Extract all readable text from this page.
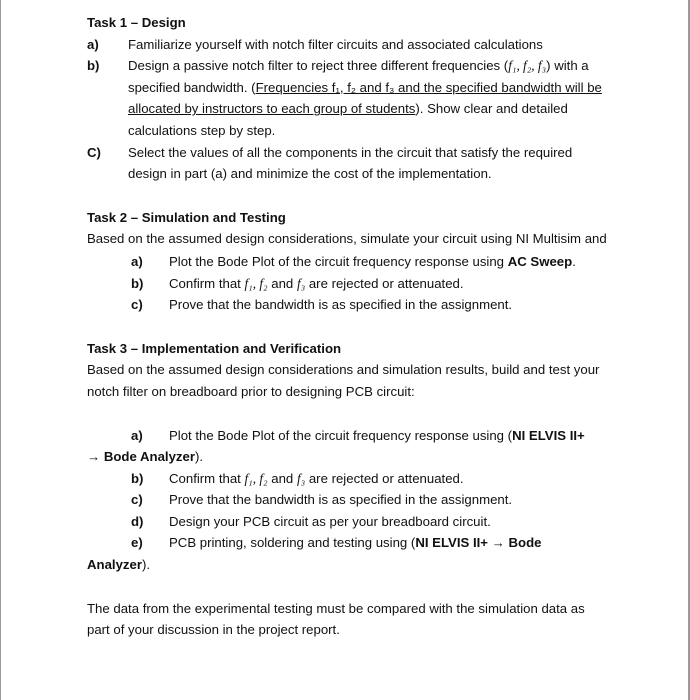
Task 1 – Design
a)	Familiarize yourself with notch filter circuits and associated calculations
b)	Design a passive notch filter to reject three different frequencies (f₁, f₂, f₃) with a specified bandwidth. (Frequencies f₁, f₂ and f₃ and the specified bandwidth will be allocated by instructors to each group of students). Show clear and detailed calculations step by step.
C)	Select the values of all the components in the circuit that satisfy the required design in part (a) and minimize the cost of the implementation.
Task 2 – Simulation and Testing
Based on the assumed design considerations, simulate your circuit using NI Multisim and
a)	Plot the Bode Plot of the circuit frequency response using AC Sweep.
b)	Confirm that f₁, f₂ and f₃ are rejected or attenuated.
c)	Prove that the bandwidth is as specified in the assignment.
Task 3 – Implementation and Verification
Based on the assumed design considerations and simulation results, build and test your notch filter on breadboard prior to designing PCB circuit:
a)	Plot the Bode Plot of the circuit frequency response using (NI ELVIS II+
→ Bode Analyzer).
b)	Confirm that f₁, f₂ and f₃ are rejected or attenuated.
c)	Prove that the bandwidth is as specified in the assignment.
d)	Design your PCB circuit as per your breadboard circuit.
e)	PCB printing, soldering and testing using (NI ELVIS II+ → Bode
Analyzer).
The data from the experimental testing must be compared with the simulation data as part of your discussion in the project report.
